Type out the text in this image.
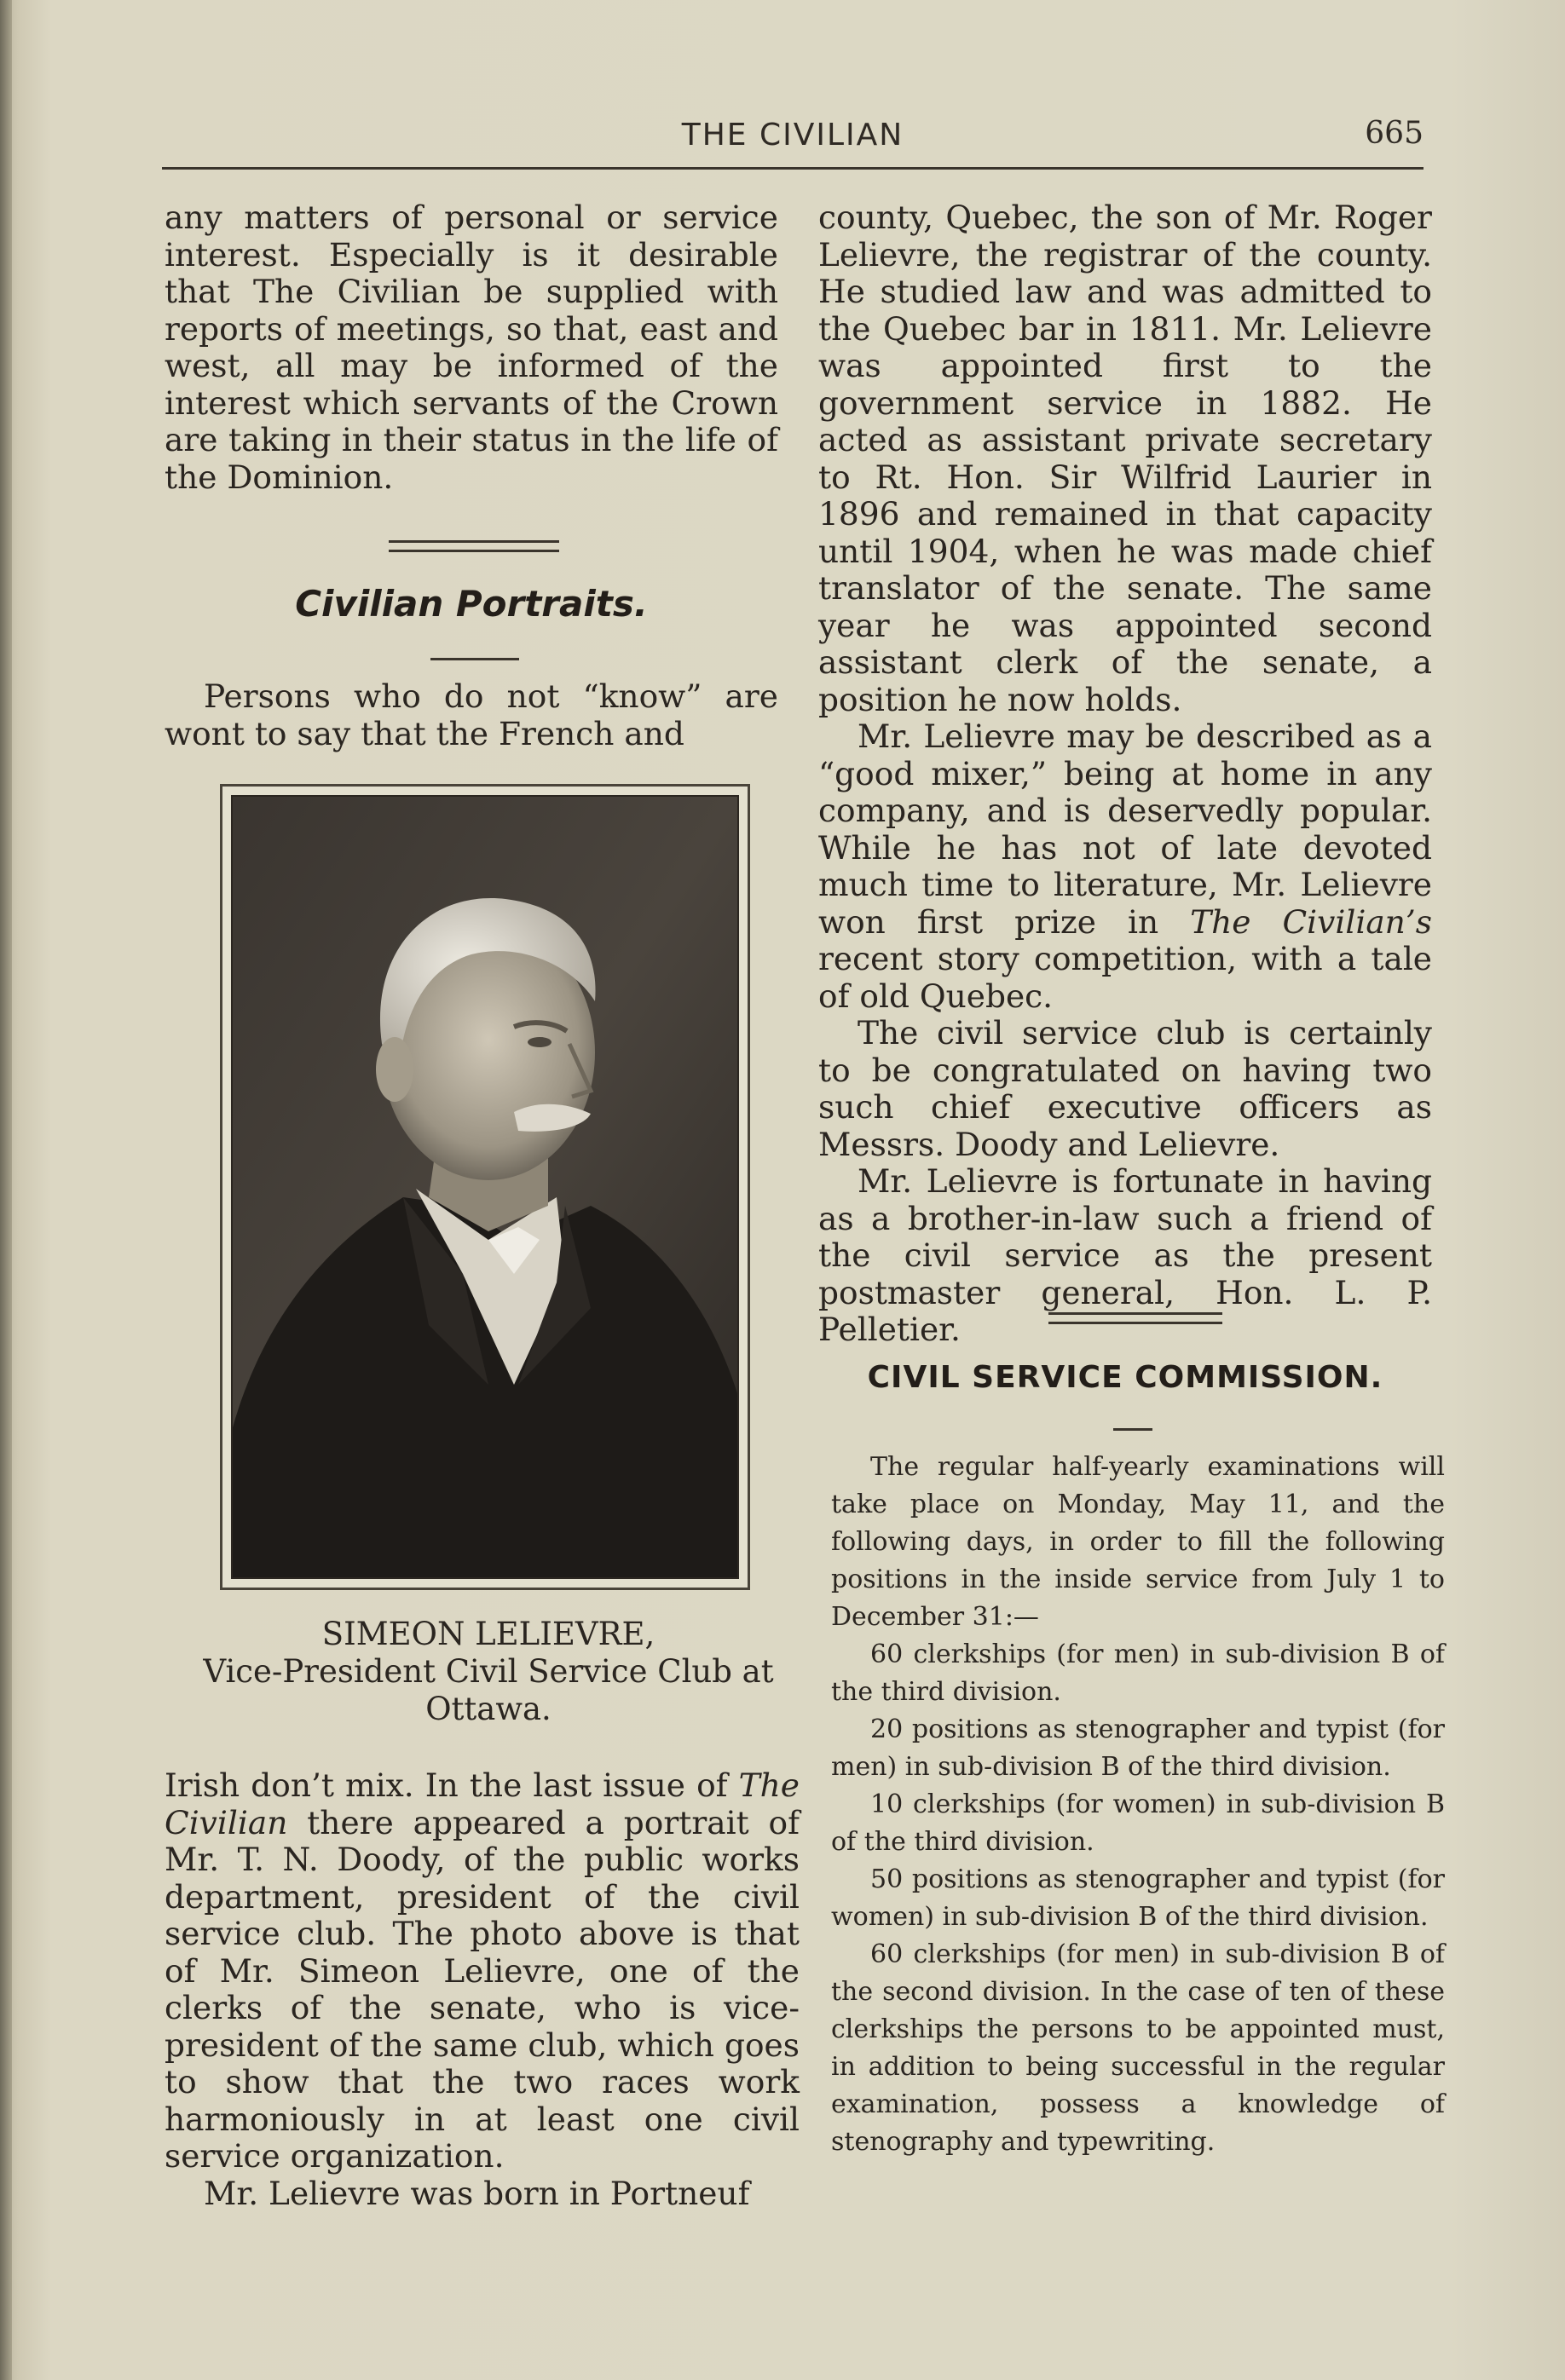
THE CIVILIAN	665

any matters of personal or service interest. Especially is it desirable that The Civilian be supplied with reports of meetings, so that, east and west, all may be informed of the interest which servants of the Crown are taking in their status in the life of the Dominion.

Civilian Portraits.

Persons who do not “know” are wont to say that the French and

SIMEON LELIEVRE,
Vice-President Civil Service Club at
Ottawa.

Irish don’t mix. In the last issue of The Civilian there appeared a portrait of Mr. T. N. Doody, of the public works department, president of the civil service club. The photo above is that of Mr. Simeon Lelievre, one of the clerks of the senate, who is vice-president of the same club, which goes to show that the two races work harmoniously in at least one civil service organization.

Mr. Lelievre was born in Portneuf

county, Quebec, the son of Mr. Roger Lelievre, the registrar of the county. He studied law and was admitted to the Quebec bar in 1811. Mr. Lelievre was appointed first to the government service in 1882. He acted as assistant private secretary to Rt. Hon. Sir Wilfrid Laurier in 1896 and remained in that capacity until 1904, when he was made chief translator of the senate. The same year he was appointed second assistant clerk of the senate, a position he now holds.

Mr. Lelievre may be described as a “good mixer,” being at home in any company, and is deservedly popular. While he has not of late devoted much time to literature, Mr. Lelievre won first prize in The Civilian’s recent story competition, with a tale of old Quebec.

The civil service club is certainly to be congratulated on having two such chief executive officers as Messrs. Doody and Lelievre.

Mr. Lelievre is fortunate in having as a brother-in-law such a friend of the civil service as the present postmaster general, Hon. L. P. Pelletier.

CIVIL SERVICE COMMISSION.

The regular half-yearly examinations will take place on Monday, May 11, and the following days, in order to fill the following positions in the inside service from July 1 to December 31:—

60 clerkships (for men) in sub-division B of the third division.

20 positions as stenographer and typist (for men) in sub-division B of the third division.

10 clerkships (for women) in sub-division B of the third division.

50 positions as stenographer and typist (for women) in sub-division B of the third division.

60 clerkships (for men) in sub-division B of the second division. In the case of ten of these clerkships the persons to be appointed must, in addition to being successful in the regular examination, possess a knowledge of stenography and typewriting.
